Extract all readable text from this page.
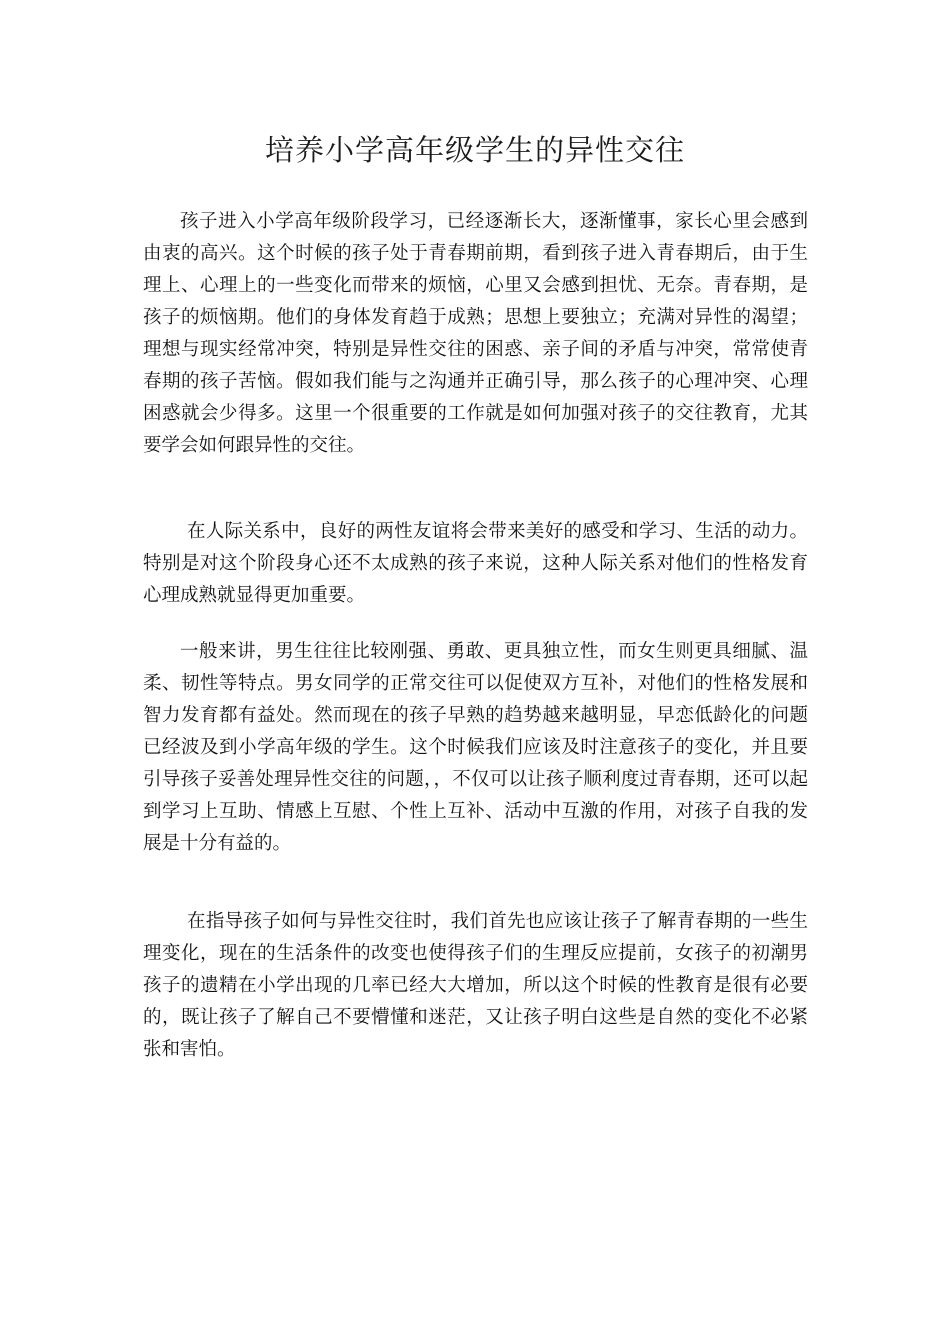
培养小学高年级学生的异性交往

孩子进入小学高年级阶段学习，已经逐渐长大，逐渐懂事，家长心里会感到由衷的高兴。这个时候的孩子处于青春期前期，看到孩子进入青春期后，由于生理上、心理上的一些变化而带来的烦恼，心里又会感到担忧、无奈。青春期，是孩子的烦恼期。他们的身体发育趋于成熟；思想上要独立；充满对异性的渴望；理想与现实经常冲突，特别是异性交往的困惑、亲子间的矛盾与冲突，常常使青春期的孩子苦恼。假如我们能与之沟通并正确引导，那么孩子的心理冲突、心理困惑就会少得多。这里一个很重要的工作就是如何加强对孩子的交往教育，尤其要学会如何跟异性的交往。

在人际关系中，良好的两性友谊将会带来美好的感受和学习、生活的动力。特别是对这个阶段身心还不太成熟的孩子来说，这种人际关系对他们的性格发育心理成熟就显得更加重要。

一般来讲，男生往往比较刚强、勇敢、更具独立性，而女生则更具细腻、温柔、韧性等特点。男女同学的正常交往可以促使双方互补，对他们的性格发展和智力发育都有益处。然而现在的孩子早熟的趋势越来越明显，早恋低龄化的问题已经波及到小学高年级的学生。这个时候我们应该及时注意孩子的变化，并且要引导孩子妥善处理异性交往的问题，，不仅可以让孩子顺利度过青春期，还可以起到学习上互助、情感上互慰、个性上互补、活动中互激的作用，对孩子自我的发展是十分有益的。

在指导孩子如何与异性交往时，我们首先也应该让孩子了解青春期的一些生理变化，现在的生活条件的改变也使得孩子们的生理反应提前，女孩子的初潮男孩子的遗精在小学出现的几率已经大大增加，所以这个时候的性教育是很有必要的，既让孩子了解自己不要懵懂和迷茫，又让孩子明白这些是自然的变化不必紧张和害怕。
